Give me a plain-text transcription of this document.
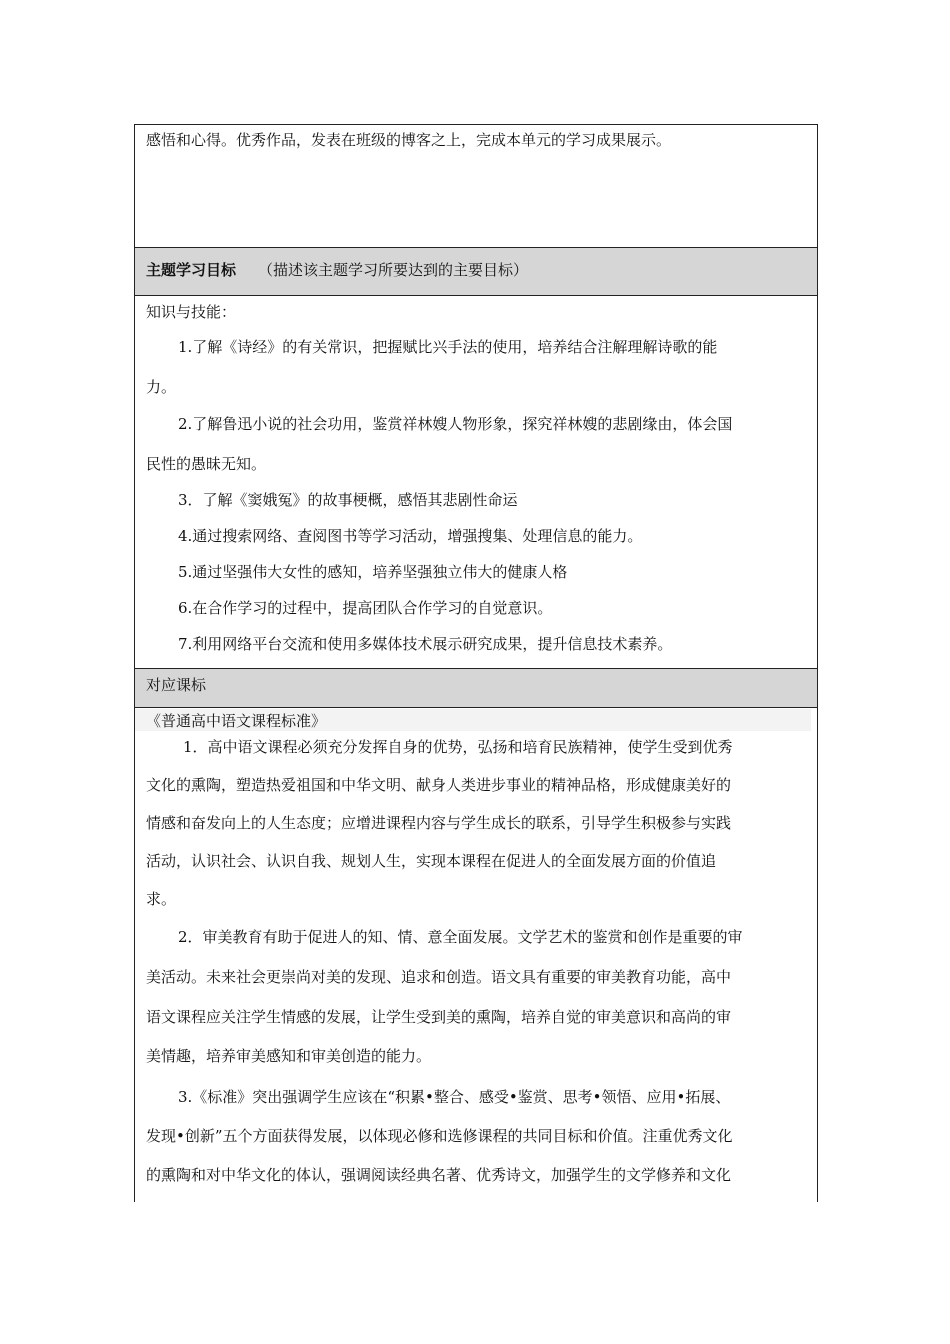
感悟和心得。优秀作品，发表在班级的博客之上，完成本单元的学习成果展示。
主题学习目标 （描述该主题学习所要达到的主要目标）
知识与技能：
1.了解《诗经》的有关常识，把握赋比兴手法的使用，培养结合注解理解诗歌的能
力。
2.了解鲁迅小说的社会功用，鉴赏祥林嫂人物形象，探究祥林嫂的悲剧缘由，体会国
民性的愚昧无知。
3．了解《窦娥冤》的故事梗概，感悟其悲剧性命运
4.通过搜索网络、查阅图书等学习活动，增强搜集、处理信息的能力。
5.通过坚强伟大女性的感知，培养坚强独立伟大的健康人格
6.在合作学习的过程中，提高团队合作学习的自觉意识。
7.利用网络平台交流和使用多媒体技术展示研究成果，提升信息技术素养。
对应课标
《普通高中语文课程标准》
1．高中语文课程必须充分发挥自身的优势，弘扬和培育民族精神，使学生受到优秀
文化的熏陶，塑造热爱祖国和中华文明、献身人类进步事业的精神品格，形成健康美好的
情感和奋发向上的人生态度；应增进课程内容与学生成长的联系，引导学生积极参与实践
活动，认识社会、认识自我、规划人生，实现本课程在促进人的全面发展方面的价值追
求。
2．审美教育有助于促进人的知、情、意全面发展。文学艺术的鉴赏和创作是重要的审
美活动。未来社会更崇尚对美的发现、追求和创造。语文具有重要的审美教育功能，高中
语文课程应关注学生情感的发展，让学生受到美的熏陶，培养自觉的审美意识和高尚的审
美情趣，培养审美感知和审美创造的能力。
3.《标准》突出强调学生应该在“积累•整合、感受•鉴赏、思考•领悟、应用•拓展、
发现•创新”五个方面获得发展，以体现必修和选修课程的共同目标和价值。注重优秀文化
的熏陶和对中华文化的体认，强调阅读经典名著、优秀诗文，加强学生的文学修养和文化
